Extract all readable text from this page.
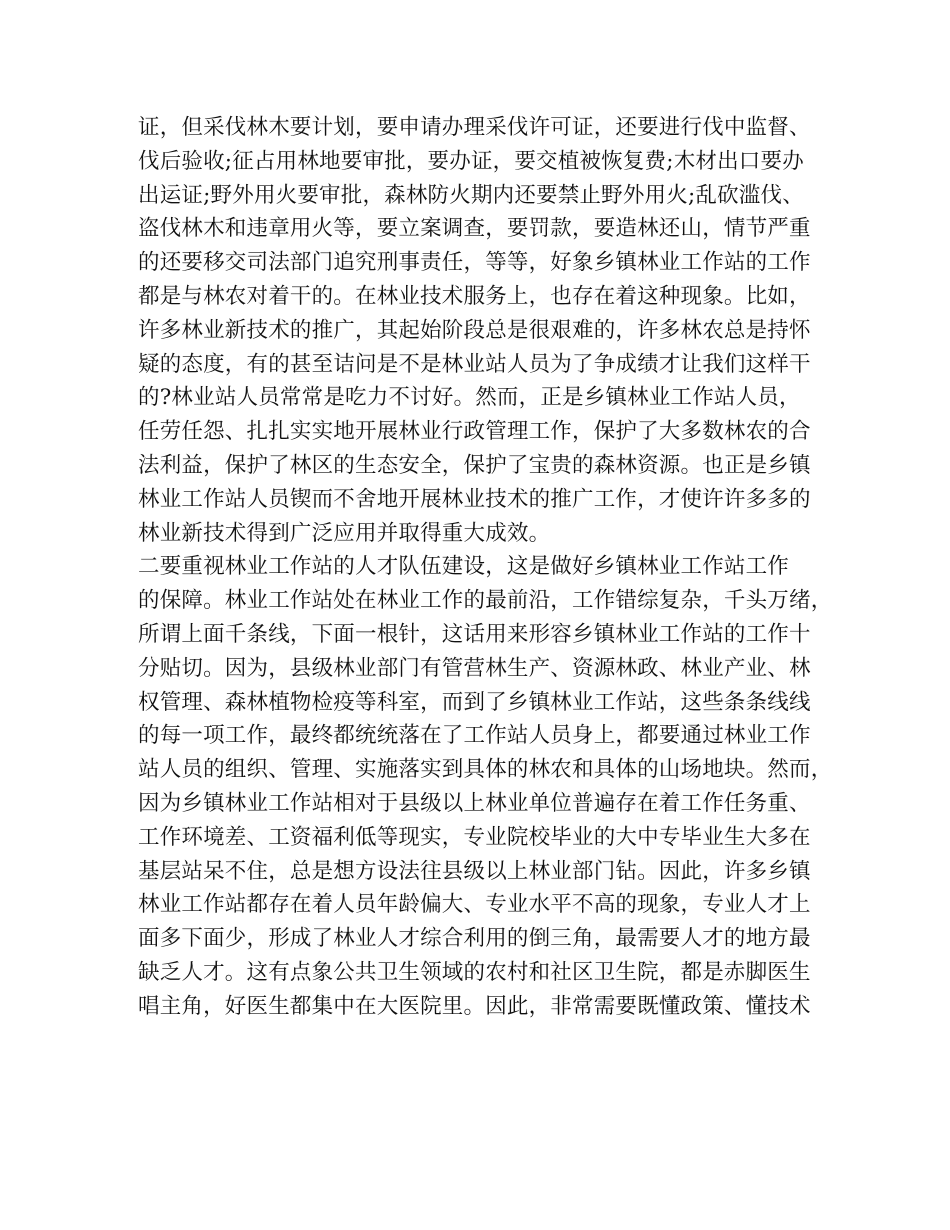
证，但采伐林木要计划，要申请办理采伐许可证，还要进行伐中监督、
伐后验收;征占用林地要审批，要办证，要交植被恢复费;木材出口要办
出运证;野外用火要审批，森林防火期内还要禁止野外用火;乱砍滥伐、
盗伐林木和违章用火等，要立案调查，要罚款，要造林还山，情节严重
的还要移交司法部门追究刑事责任，等等，好象乡镇林业工作站的工作
都是与林农对着干的。在林业技术服务上，也存在着这种现象。比如，
许多林业新技术的推广，其起始阶段总是很艰难的，许多林农总是持怀
疑的态度，有的甚至诘问是不是林业站人员为了争成绩才让我们这样干
的?林业站人员常常是吃力不讨好。然而，正是乡镇林业工作站人员，
任劳任怨、扎扎实实地开展林业行政管理工作，保护了大多数林农的合
法利益，保护了林区的生态安全，保护了宝贵的森林资源。也正是乡镇
林业工作站人员锲而不舍地开展林业技术的推广工作，才使许许多多的
林业新技术得到广泛应用并取得重大成效。
二要重视林业工作站的人才队伍建设，这是做好乡镇林业工作站工作
的保障。林业工作站处在林业工作的最前沿，工作错综复杂，千头万绪，
所谓上面千条线，下面一根针，这话用来形容乡镇林业工作站的工作十
分贴切。因为，县级林业部门有管营林生产、资源林政、林业产业、林
权管理、森林植物检疫等科室，而到了乡镇林业工作站，这些条条线线
的每一项工作，最终都统统落在了工作站人员身上，都要通过林业工作
站人员的组织、管理、实施落实到具体的林农和具体的山场地块。然而，
因为乡镇林业工作站相对于县级以上林业单位普遍存在着工作任务重、
工作环境差、工资福利低等现实，专业院校毕业的大中专毕业生大多在
基层站呆不住，总是想方设法往县级以上林业部门钻。因此，许多乡镇
林业工作站都存在着人员年龄偏大、专业水平不高的现象，专业人才上
面多下面少，形成了林业人才综合利用的倒三角，最需要人才的地方最
缺乏人才。这有点象公共卫生领域的农村和社区卫生院，都是赤脚医生
唱主角，好医生都集中在大医院里。因此，非常需要既懂政策、懂技术
